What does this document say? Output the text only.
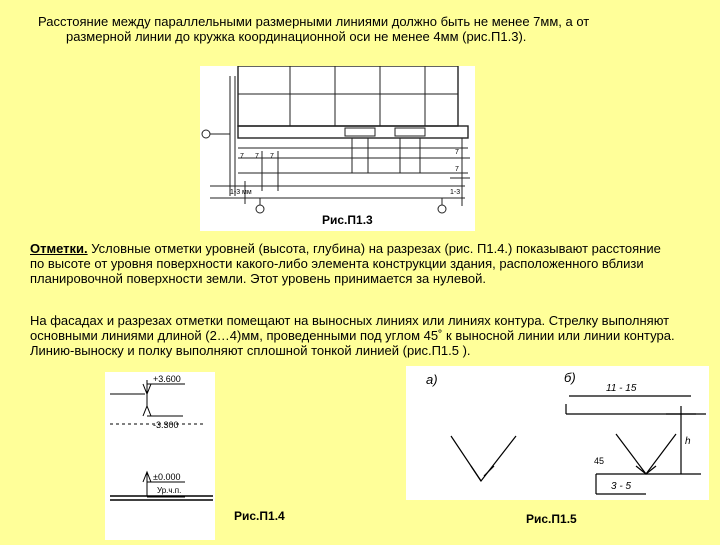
Расстояние между параллельными размерными линиями должно быть не менее 7мм, а от
размерной линии до кружка координационной оси не менее 4мм (рис.П1.3).
7 7 7
1-3 мм
7
7
1-3
Рис.П1.3
Отметки. Условные отметки уровней (высота, глубина) на разрезах (рис. П1.4.) показывают расстояние по высоте от уровня поверхности какого-либо элемента конструкции здания, расположенного вблизи планировочной поверхности земли. Этот уровень принимается за нулевой.
На фасадах и разрезах отметки помещают на выносных линиях или линиях контура. Стрелку выполняют основными линиями длиной (2…4)мм, проведенными под углом 45˚ к выносной линии или линии контура. Линию-выноску и полку выполняют сплошной тонкой линией (рис.П1.5 ).
+3.600
-3.300
±0.000
Ур.ч.п.
Рис.П1.4
а)	б)
11 - 15
h
45
3 - 5
Рис.П1.5
